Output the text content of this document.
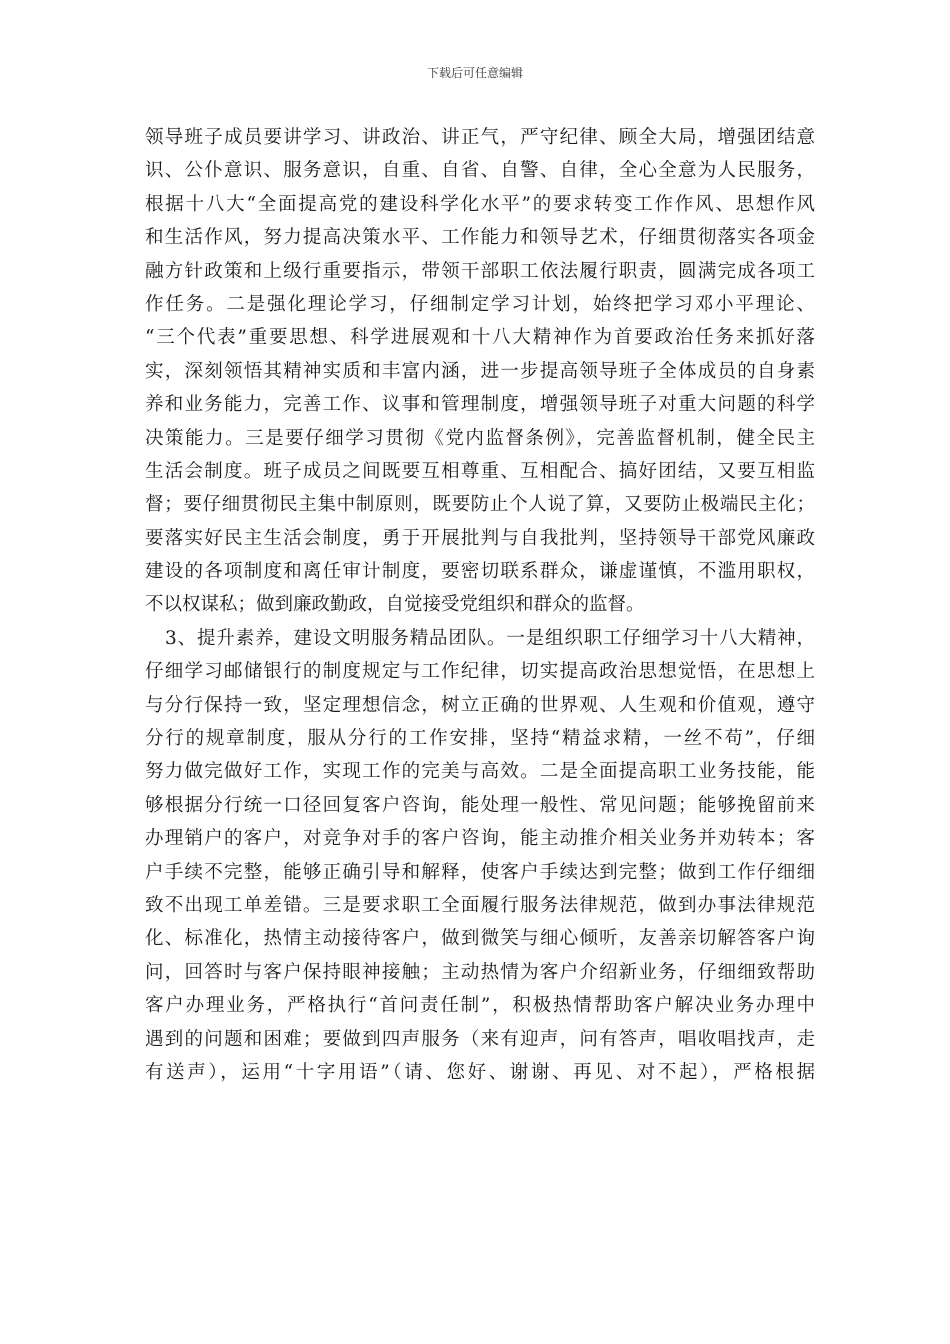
下载后可任意编辑
领导班子成员要讲学习、讲政治、讲正气，严守纪律、顾全大局，增强团结意
识、公仆意识、服务意识，自重、自省、自警、自律，全心全意为人民服务，
根据十八大“全面提高党的建设科学化水平”的要求转变工作作风、思想作风
和生活作风，努力提高决策水平、工作能力和领导艺术，仔细贯彻落实各项金
融方针政策和上级行重要指示，带领干部职工依法履行职责，圆满完成各项工
作任务。二是强化理论学习，仔细制定学习计划，始终把学习邓小平理论、
“三个代表”重要思想、科学进展观和十八大精神作为首要政治任务来抓好落
实，深刻领悟其精神实质和丰富内涵，进一步提高领导班子全体成员的自身素
养和业务能力，完善工作、议事和管理制度，增强领导班子对重大问题的科学
决策能力。三是要仔细学习贯彻《党内监督条例》，完善监督机制，健全民主
生活会制度。班子成员之间既要互相尊重、互相配合、搞好团结，又要互相监
督；要仔细贯彻民主集中制原则，既要防止个人说了算，又要防止极端民主化；
要落实好民主生活会制度，勇于开展批判与自我批判，坚持领导干部党风廉政
建设的各项制度和离任审计制度，要密切联系群众，谦虚谨慎，不滥用职权，
不以权谋私；做到廉政勤政，自觉接受党组织和群众的监督。
3、提升素养，建设文明服务精品团队。一是组织职工仔细学习十八大精神，
仔细学习邮储银行的制度规定与工作纪律，切实提高政治思想觉悟，在思想上
与分行保持一致，坚定理想信念，树立正确的世界观、人生观和价值观，遵守
分行的规章制度，服从分行的工作安排，坚持“精益求精，一丝不苟”，仔细
努力做完做好工作，实现工作的完美与高效。二是全面提高职工业务技能，能
够根据分行统一口径回复客户咨询，能处理一般性、常见问题；能够挽留前来
办理销户的客户，对竞争对手的客户咨询，能主动推介相关业务并劝转本；客
户手续不完整，能够正确引导和解释，使客户手续达到完整；做到工作仔细细
致不出现工单差错。三是要求职工全面履行服务法律规范，做到办事法律规范
化、标准化，热情主动接待客户，做到微笑与细心倾听，友善亲切解答客户询
问，回答时与客户保持眼神接触；主动热情为客户介绍新业务，仔细细致帮助
客户办理业务，严格执行“首问责任制”，积极热情帮助客户解决业务办理中
遇到的问题和困难；要做到四声服务（来有迎声，问有答声，唱收唱找声，走
有送声），运用“十字用语”（请、您好、谢谢、再见、对不起），严格根据
